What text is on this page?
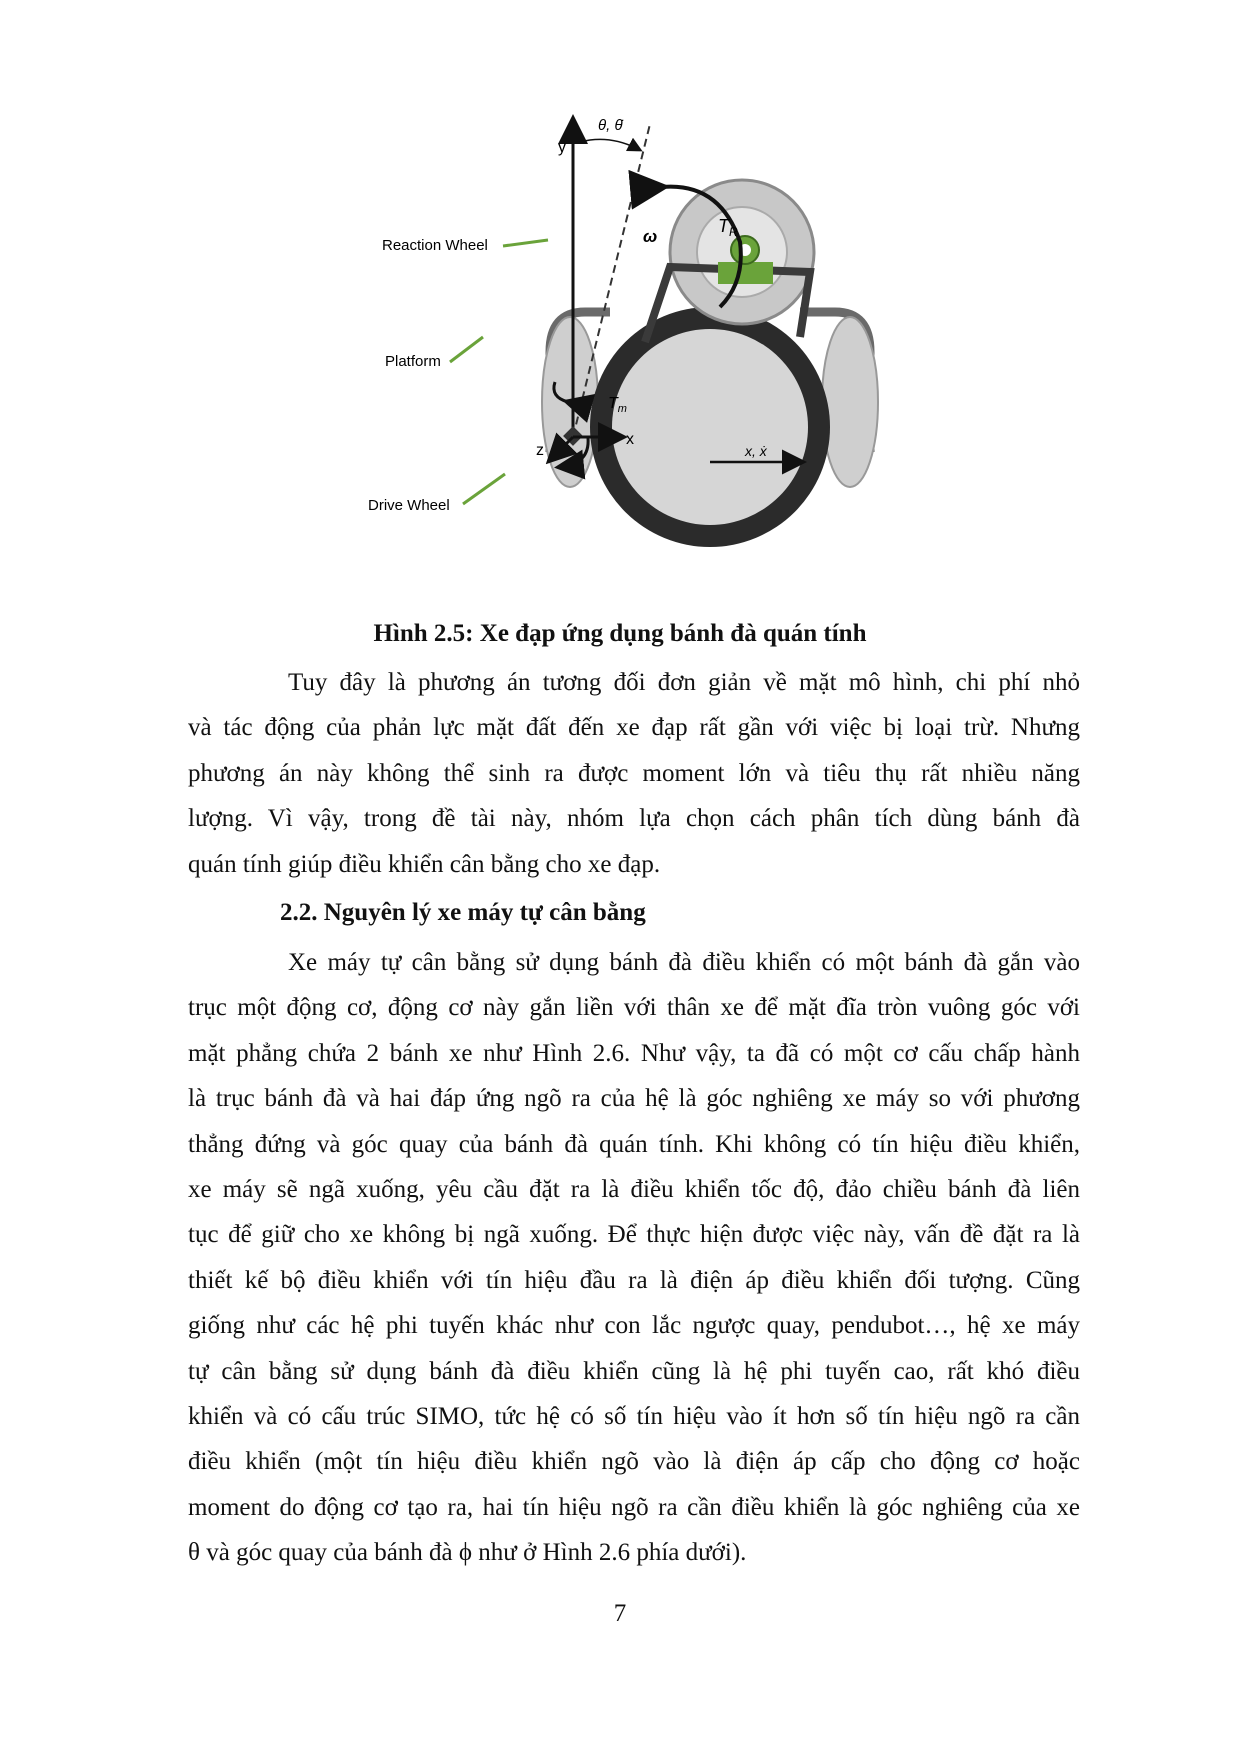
y
θ, θ̇
$T_R$
ω
Reaction Wheel
Platform
Drive Wheel
$T_m$
x
z	x, ẋ
Hình 2.5: Xe đạp ứng dụng bánh đà quán tính
Tuy đây là phương án tương đối đơn giản về mặt mô hình, chi phí nhỏ
và tác động của phản lực mặt đất đến xe đạp rất gần với việc bị loại trừ. Nhưng
phương án này không thể sinh ra được moment lớn và tiêu thụ rất nhiều năng
lượng. Vì vậy, trong đề tài này, nhóm lựa chọn cách phân tích dùng bánh đà
quán tính giúp điều khiển cân bằng cho xe đạp.
2.2. Nguyên lý xe máy tự cân bằng
Xe máy tự cân bằng sử dụng bánh đà điều khiển có một bánh đà gắn vào
trục một động cơ, động cơ này gắn liền với thân xe để mặt đĩa tròn vuông góc với
mặt phẳng chứa 2 bánh xe như Hình 2.6. Như vậy, ta đã có một cơ cấu chấp hành
là trục bánh đà và hai đáp ứng ngõ ra của hệ là góc nghiêng xe máy so với phương
thẳng đứng và góc quay của bánh đà quán tính. Khi không có tín hiệu điều khiển,
xe máy sẽ ngã xuống, yêu cầu đặt ra là điều khiển tốc độ, đảo chiều bánh đà liên
tục để giữ cho xe không bị ngã xuống. Để thực hiện được việc này, vấn đề đặt ra là
thiết kế bộ điều khiển với tín hiệu đầu ra là điện áp điều khiển đối tượng. Cũng
giống như các hệ phi tuyến khác như con lắc ngược quay, pendubot…, hệ xe máy
tự cân bằng sử dụng bánh đà điều khiển cũng là hệ phi tuyến cao, rất khó điều
khiển và có cấu trúc SIMO, tức hệ có số tín hiệu vào ít hơn số tín hiệu ngõ ra cần
điều khiển (một tín hiệu điều khiển ngõ vào là điện áp cấp cho động cơ hoặc
moment do động cơ tạo ra, hai tín hiệu ngõ ra cần điều khiển là góc nghiêng của xe
θ và góc quay của bánh đà ϕ như ở Hình 2.6 phía dưới).
7
